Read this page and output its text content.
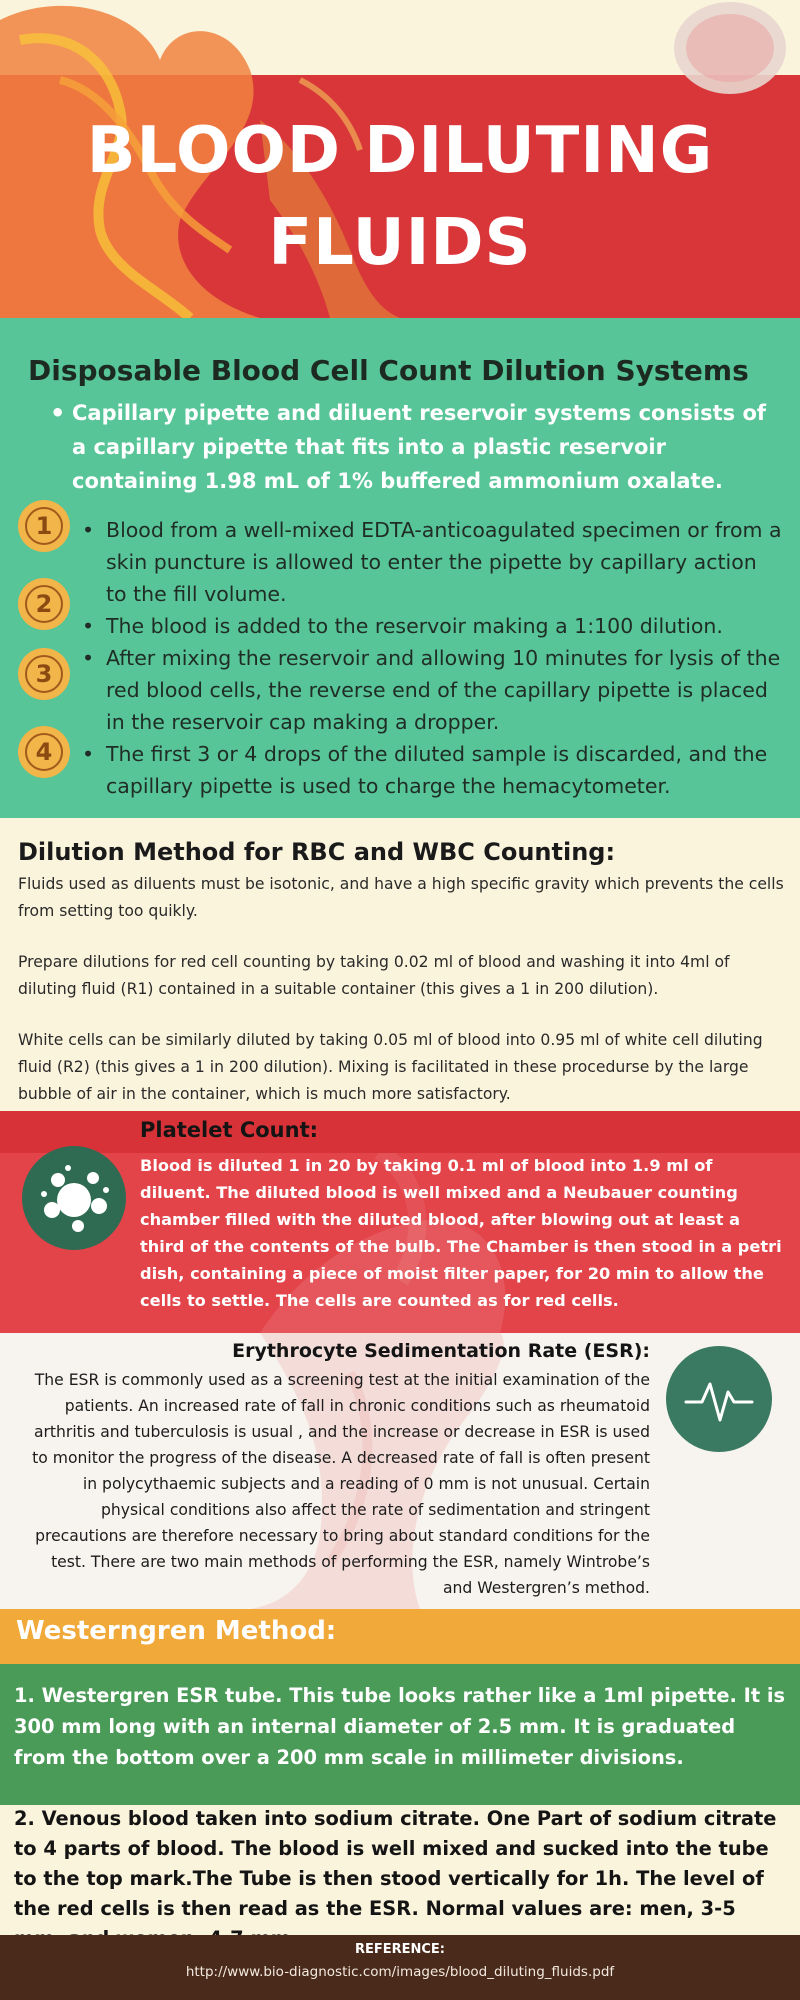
BLOOD DILUTING
FLUIDS
Disposable Blood Cell Count Dilution Systems
• Capillary pipette and diluent reservoir systems consists of a capillary pipette that fits into a plastic reservoir containing 1.98 mL of 1% buffered ammonium oxalate.

1
2
3
4
• Blood from a well-mixed EDTA-anticoagulated specimen or from a skin puncture is allowed to enter the pipette by capillary action to the fill volume.
• The blood is added to the reservoir making a 1:100 dilution.
• After mixing the reservoir and allowing 10 minutes for lysis of the red blood cells, the reverse end of the capillary pipette is placed in the reservoir cap making a dropper.
• The first 3 or 4 drops of the diluted sample is discarded, and the capillary pipette is used to charge the hemacytometer.
Dilution Method for RBC and WBC Counting:

Fluids used as diluents must be isotonic, and have a high specific gravity which prevents the cells from setting too quikly.

Prepare dilutions for red cell counting by taking 0.02 ml of blood and washing it into 4ml of diluting fluid (R1) contained in a suitable container (this gives a 1 in 200 dilution).

White cells can be similarly diluted by taking 0.05 ml of blood into 0.95 ml of white cell diluting fluid (R2) (this gives a 1 in 200 dilution). Mixing is facilitated in these procedurse by the large bubble of air in the container, which is much more satisfactory.

Platelet Count:

Blood is diluted 1 in 20 by taking 0.1 ml of blood into 1.9 ml of diluent. The diluted blood is well mixed and a Neubauer counting chamber filled with the diluted blood, after blowing out at least a third of the contents of the bulb. The Chamber is then stood in a petri dish, containing a piece of moist filter paper, for 20 min to allow the cells to settle. The cells are counted as for red cells.

Erythrocyte Sedimentation Rate (ESR):

The ESR is commonly used as a screening test at the initial examination of the patients. An increased rate of fall in chronic conditions such as rheumatoid arthritis and tuberculosis is usual , and the increase or decrease in ESR is used to monitor the progress of the disease. A decreased rate of fall is often present in polycythaemic subjects and a reading of 0 mm is not unusual. Certain physical conditions also affect the rate of sedimentation and stringent precautions are therefore necessary to bring about standard conditions for the test. There are two main methods of performing the ESR, namely Wintrobe’s and Westergren’s method.

Westerngren Method:

1. Westergren ESR tube. This tube looks rather like a 1ml pipette. It is 300 mm long with an internal diameter of 2.5 mm. It is graduated from the bottom over a 200 mm scale in millimeter divisions.

2. Venous blood taken into sodium citrate. One Part of sodium citrate to 4 parts of blood. The blood is well mixed and sucked into the tube to the top mark.The Tube is then stood vertically for 1h. The level of the red cells is then read as the ESR. Normal values are: men, 3-5

REFERENCE:

http://www.bio-diagnostic.com/images/blood_diluting_fluids.pdf
